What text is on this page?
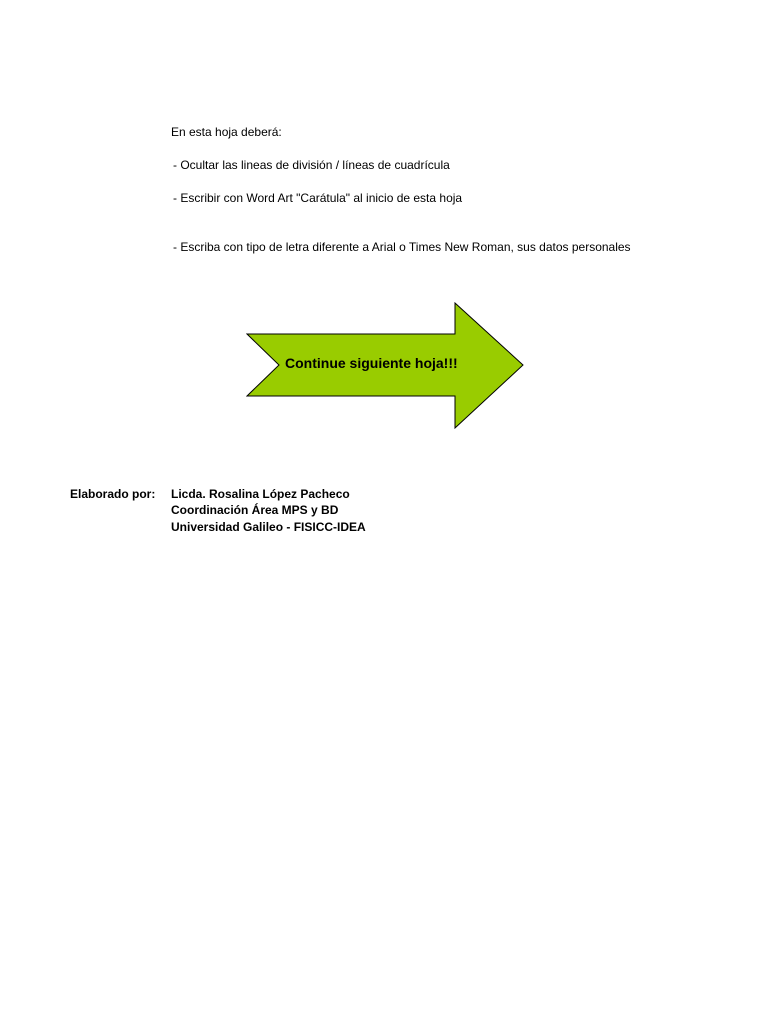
En esta hoja deberá:
- Ocultar las lineas de división / líneas de cuadrícula
- Escribir con Word Art "Carátula" al inicio de esta hoja
- Escriba con tipo de letra diferente a Arial o Times New Roman, sus datos personales
Continue siguiente hoja!!!
Elaborado por: Licda. Rosalina López Pacheco
Coordinación Área MPS y BD
Universidad Galileo - FISICC-IDEA
